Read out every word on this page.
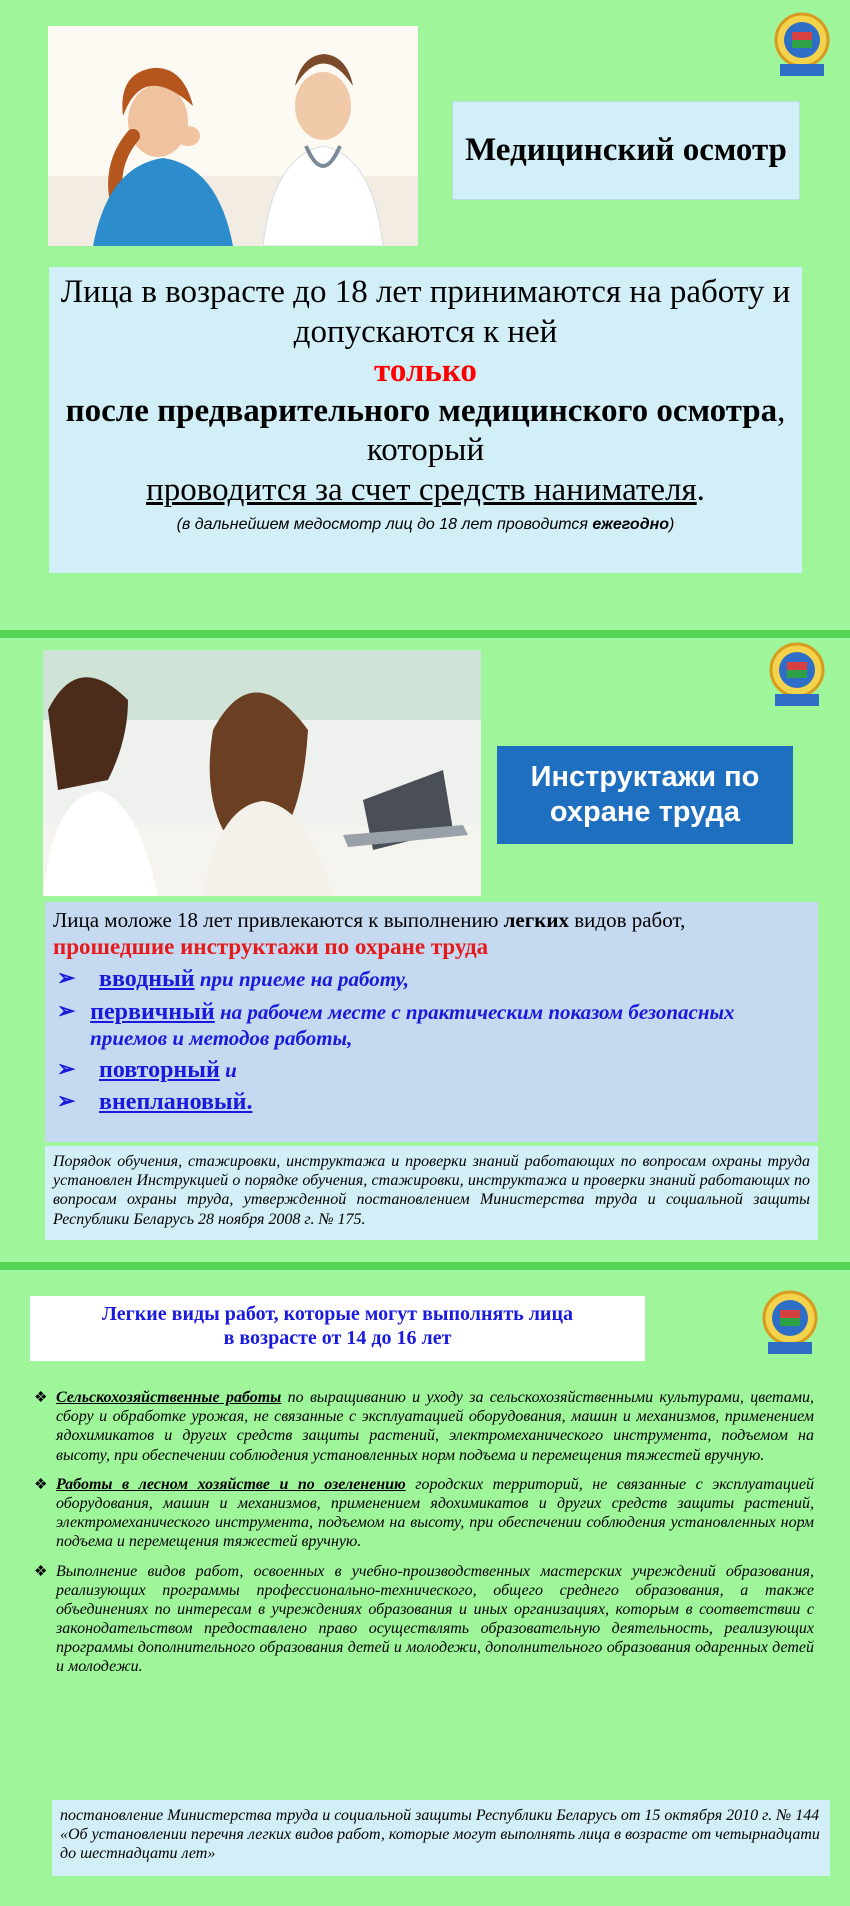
Медицинский осмотр

Лица в возрасте до 18 лет принимаются на работу и допускаются к ней

только

после предварительного медицинского осмотра, который

проводится за счет средств нанимателя.

(в дальнейшем медосмотр лиц до 18 лет проводится ежегодно)

Инструктажи по охране труда

Лица моложе 18 лет привлекаются к выполнению легких видов работ,

прошедшие инструктажи по охране труда

➢ вводный при приеме на работу,
➢ первичный на рабочем месте с практическим показом безопасных приемов и методов работы,
➢ повторный и
➢ внеплановый.

Порядок обучения, стажировки, инструктажа и проверки знаний работающих по вопросам охраны труда установлен Инструкцией о порядке обучения, стажировки, инструктажа и проверки знаний работающих по вопросам охраны труда, утвержденной постановлением Министерства труда и социальной защиты Республики Беларусь 28 ноября 2008 г. № 175.

Легкие виды работ, которые могут выполнять лица

в возрасте от 14 до 16 лет

❖ Сельскохозяйственные работы по выращиванию и уходу за сельскохозяйственными культурами, цветами, сбору и обработке урожая, не связанные с эксплуатацией оборудования, машин и механизмов, применением ядохимикатов и других средств защиты растений, электромеханического инструмента, подъемом на высоту, при обеспечении соблюдения установленных норм подъема и перемещения тяжестей вручную.
❖ Работы в лесном хозяйстве и по озеленению городских территорий, не связанные с эксплуатацией оборудования, машин и механизмов, применением ядохимикатов и других средств защиты растений, электромеханического инструмента, подъемом на высоту, при обеспечении соблюдения установленных норм подъема и перемещения тяжестей вручную.
❖ Выполнение видов работ, освоенных в учебно-производственных мастерских учреждений образования, реализующих программы профессионально-технического, общего среднего образования, а также объединениях по интересам в учреждениях образования и иных организациях, которым в соответствии с законодательством предоставлено право осуществлять образовательную деятельность, реализующих программы дополнительного образования детей и молодежи, дополнительного образования одаренных детей и молодежи.

постановление Министерства труда и социальной защиты Республики Беларусь от 15 октября 2010 г. № 144 «Об установлении перечня легких видов работ, которые могут выполнять лица в возрасте от четырнадцати до шестнадцати лет»
